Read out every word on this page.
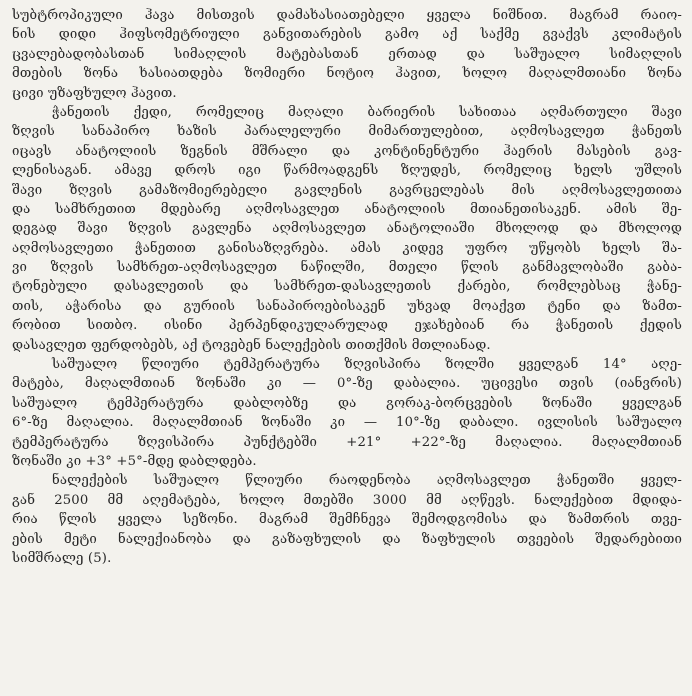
სუბტროპიკული ჰავა მისთვის დამახასიათებელი ყველა ნიშნით. მაგრამ რაიო-
ნის დიდი ჰიფსომეტრიული განვითარების გამო აქ საქმე გვაქვს კლიმატის
ცვალებადობასთან სიმაღლის მატებასთან ერთად და საშუალო სიმაღლის
მთების ზონა ხასიათდება ზომიერი ნოტიო ჰავით, ხოლო მაღალმთიანი ზონა
ცივი უზაფხულო ჰავით.
ჭანეთის ქედი, რომელიც მაღალი ბარიერის სახითაა აღმართული შავი
ზღვის სანაპირო ხაზის პარალელური მიმართულებით, აღმოსავლეთ ჭანეთს
იცავს ანატოლიის ზეგნის მშრალი და კონტინენტური ჰაერის მასების გავ-
ლენისაგან. ამავე დროს იგი წარმოადგენს ზღუდეს, რომელიც ხელს უშლის
შავი ზღვის გამაზომიერებელი გავლენის გავრცელებას მის აღმოსავლეთითა
და სამხრეთით მდებარე აღმოსავლეთ ანატოლიის მთიანეთისაკენ. ამის შე-
დეგად შავი ზღვის გავლენა აღმოსავლეთ ანატოლიაში მხოლოდ და მხოლოდ
აღმოსავლეთი ჭანეთით განისაზღვრება. ამას კიდევ უფრო უწყობს ხელს შა-
ვი ზღვის სამხრეთ-აღმოსავლეთ ნაწილში, მთელი წლის განმავლობაში გაბა-
ტონებული დასავლეთის და სამხრეთ-დასავლეთის ქარები, რომლებსაც ჭანე-
თის, აჭარისა და გურიის სანაპიროებისაკენ უხვად მოაქვთ ტენი და ზამთ-
რობით სითბო. ისინი პერპენდიკულარულად ეჯახებიან რა ჭანეთის ქედის
დასავლეთ ფერდობებს, აქ ტოვებენ ნალექების თითქმის მთლიანად.
საშუალო წლიური ტემპერატურა ზღვისპირა ზოლში ყველგან 14° აღე-
მატება, მაღალმთიან ზონაში კი — 0°-ზე დაბალია. უცივესი თვის (იანვრის)
საშუალო ტემპერატურა დაბლობზე და გორაკ-ბორცვების ზონაში ყველგან
6°-ზე მაღალია. მაღალმთიან ზონაში კი — 10°-ზე დაბალი. ივლისის საშუალო
ტემპერატურა ზღვისპირა პუნქტებში +21° +22°-ზე მაღალია. მაღალმთიან
ზონაში კი +3° +5°-მდე დაბლდება.
ნალექების საშუალო წლიური რაოდენობა აღმოსავლეთ ჭანეთში ყველ-
გან 2500 მმ აღემატება, ხოლო მთებში 3000 მმ აღწევს. ნალექებით მდიდა-
რია წლის ყველა სეზონი. მაგრამ შემჩნევა შემოდგომისა და ზამთრის თვე-
ების მეტი ნალექიანობა და გაზაფხულის და ზაფხულის თვეების შედარებითი
სიმშრალე (5).
